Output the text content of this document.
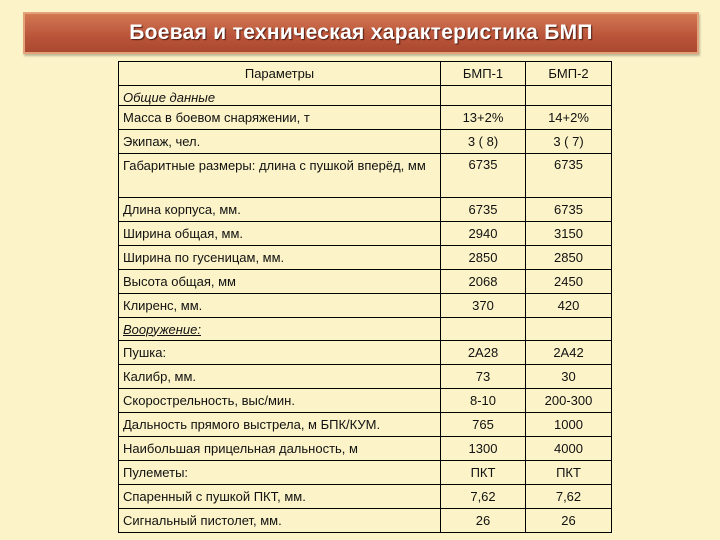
Боевая и техническая характеристика БМП
Параметры	БМП-1	БМП-2
Общие данные		
Масса в боевом снаряжении, т	13+2%	14+2%
Экипаж, чел.	3 ( 8)	3 ( 7)
Габаритные размеры: длина с пушкой вперёд, мм	6735	6735
Длина корпуса, мм.	6735	6735
Ширина общая, мм.	2940	3150
Ширина по гусеницам, мм.	2850	2850
Высота общая, мм	2068	2450
Клиренс, мм.	370	420
Вооружение:		
Пушка:	2А28	2А42
Калибр, мм.	73	30
Скорострельность, выс/мин.	8-10	200-300
Дальность прямого выстрела, м БПК/КУМ.	765	1000
Наибольшая прицельная дальность, м	1300	4000
Пулеметы:	ПКТ	ПКТ
Спаренный с пушкой ПКТ, мм.	7,62	7,62
Сигнальный пистолет, мм.	26	26
